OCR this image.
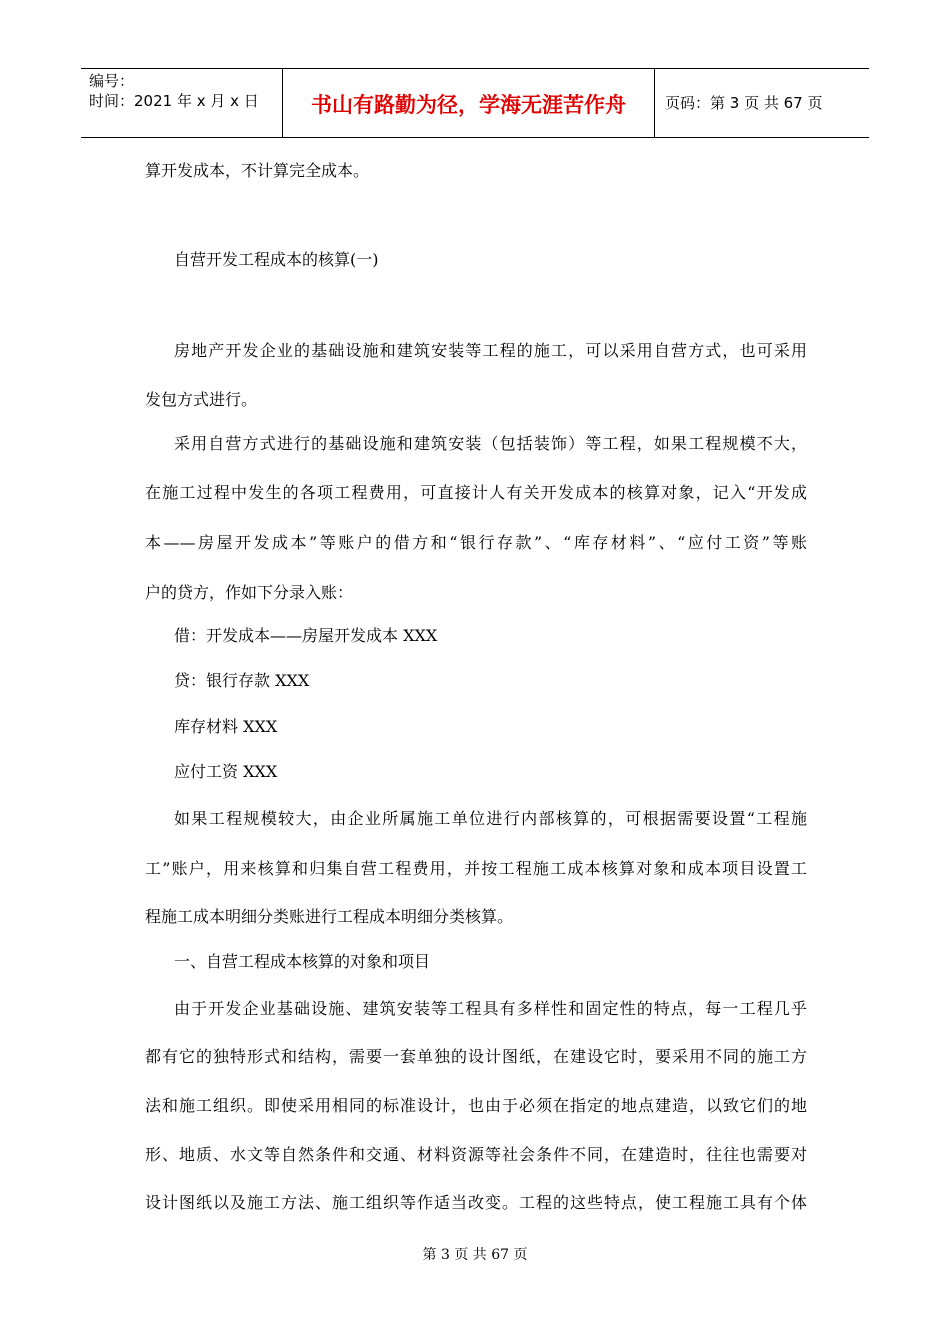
编号：
时间：2021 年 x 月 x 日	书山有路勤为径，学海无涯苦作舟	页码：第 3 页 共 67 页
算开发成本，不计算完全成本。
自营开发工程成本的核算(一)
房地产开发企业的基础设施和建筑安装等工程的施工，可以采用自营方式，也可采用
发包方式进行。
采用自营方式进行的基础设施和建筑安装（包括装饰）等工程，如果工程规模不大，
在施工过程中发生的各项工程费用，可直接计人有关开发成本的核算对象，记入“开发成
本——房屋开发成本”等账户的借方和“银行存款”、“库存材料”、“应付工资”等账
户的贷方，作如下分录入账：
借：开发成本——房屋开发成本 XXX
贷：银行存款 XXX
库存材料 XXX
应付工资 XXX
如果工程规模较大，由企业所属施工单位进行内部核算的，可根据需要设置“工程施
工”账户，用来核算和归集自营工程费用，并按工程施工成本核算对象和成本项目设置工
程施工成本明细分类账进行工程成本明细分类核算。
一、自营工程成本核算的对象和项目
由于开发企业基础设施、建筑安装等工程具有多样性和固定性的特点，每一工程几乎
都有它的独特形式和结构，需要一套单独的设计图纸，在建设它时，要采用不同的施工方
法和施工组织。即使采用相同的标准设计，也由于必须在指定的地点建造，以致它们的地
形、地质、水文等自然条件和交通、材料资源等社会条件不同，在建造时，往往也需要对
设计图纸以及施工方法、施工组织等作适当改变。工程的这些特点，使工程施工具有个体
第 3 页 共 67 页
